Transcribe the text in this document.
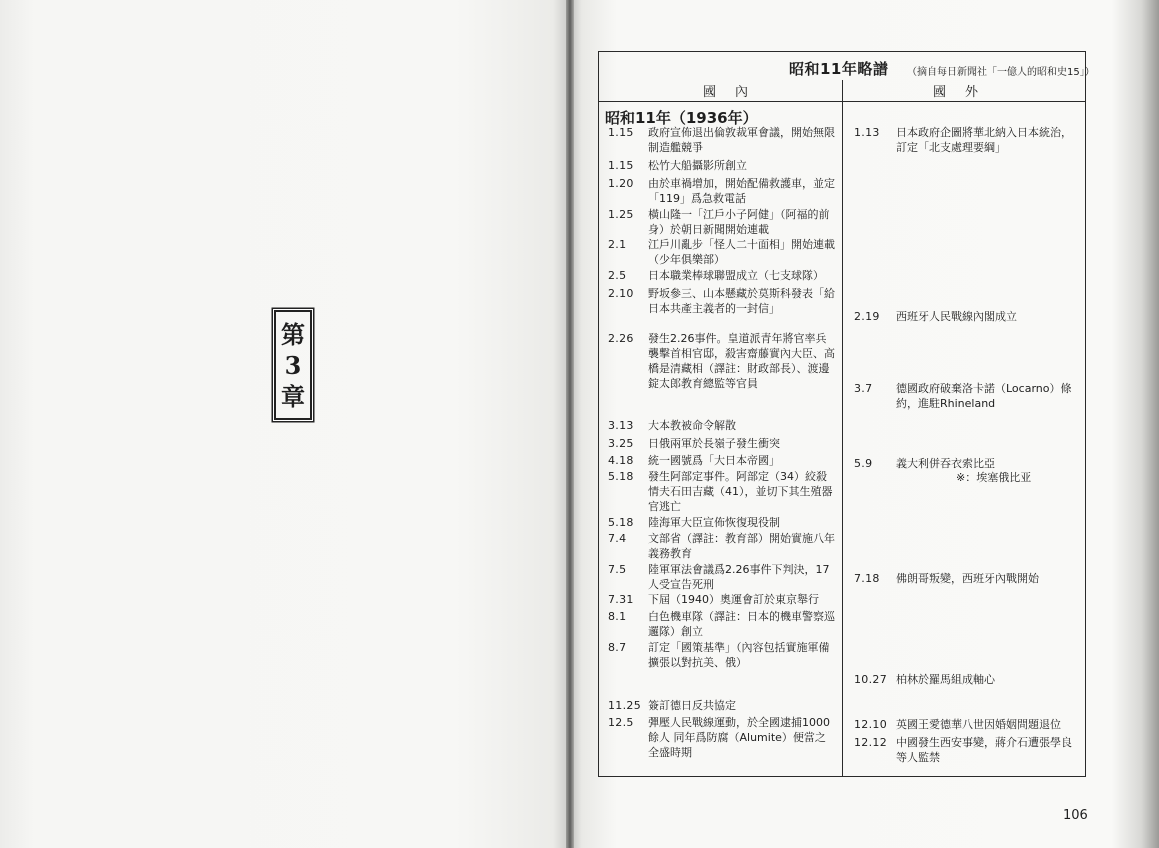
第
3
章
昭和11年略譜 （摘自每日新聞社「一億人的昭和史15」）
國　內	國　外
昭和11年（1936年）
1.15 政府宣佈退出倫敦裁軍會議，開始無限制造艦競爭
1.15 松竹大船攝影所創立
1.20 由於車禍增加，開始配備救護車，並定「119」爲急救電話
1.25 橫山隆一「江戶小子阿健」（阿福的前身）於朝日新聞開始連載
2.1 江戶川亂步「怪人二十面相」開始連載（少年俱樂部）
2.5 日本職業棒球聯盟成立（七支球隊）
2.10 野坂參三、山本懸藏於莫斯科發表「給日本共產主義者的一封信」
2.26 發生2.26事件。皇道派青年將官率兵襲擊首相官邸，殺害齋藤實內大臣、高橋是清藏相（譯註：財政部長）、渡邊錠太郎教育總監等官員
3.13 大本教被命令解散
3.25 日俄兩軍於長嶺子發生衝突
4.18 統一國號爲「大日本帝國」
5.18 發生阿部定事件。阿部定（34）絞殺情夫石田吉藏（41），並切下其生殖器官逃亡
5.18 陸海軍大臣宣佈恢復現役制
7.4 文部省（譯註：教育部）開始實施八年義務教育
7.5 陸軍軍法會議爲2.26事件下判決，17人受宣告死刑
7.31 下屆（1940）奧運會訂於東京舉行
8.1 白色機車隊（譯註：日本的機車警察巡邏隊）創立
8.7 訂定「國策基準」（內容包括實施軍備擴張以對抗美、俄）
11.25 簽訂德日反共協定
12.5 彈壓人民戰線運動，於全國逮捕1000餘人 同年爲防腐（Alumite）便當之全盛時期
1.13 日本政府企圖將華北納入日本統治，訂定「北支處理要綱」
2.19 西班牙人民戰線內閣成立
3.7 德國政府破棄洛卡諾（Locarno）條約，進駐Rhineland
5.9 義大利併吞衣索比亞
7.18 佛朗哥叛變，西班牙內戰開始
10.27 柏林於羅馬組成軸心
12.10 英國王愛德華八世因婚姻問題退位
12.12 中國發生西安事變，蔣介石遭張學良等人監禁
※：埃塞俄比亚
106
